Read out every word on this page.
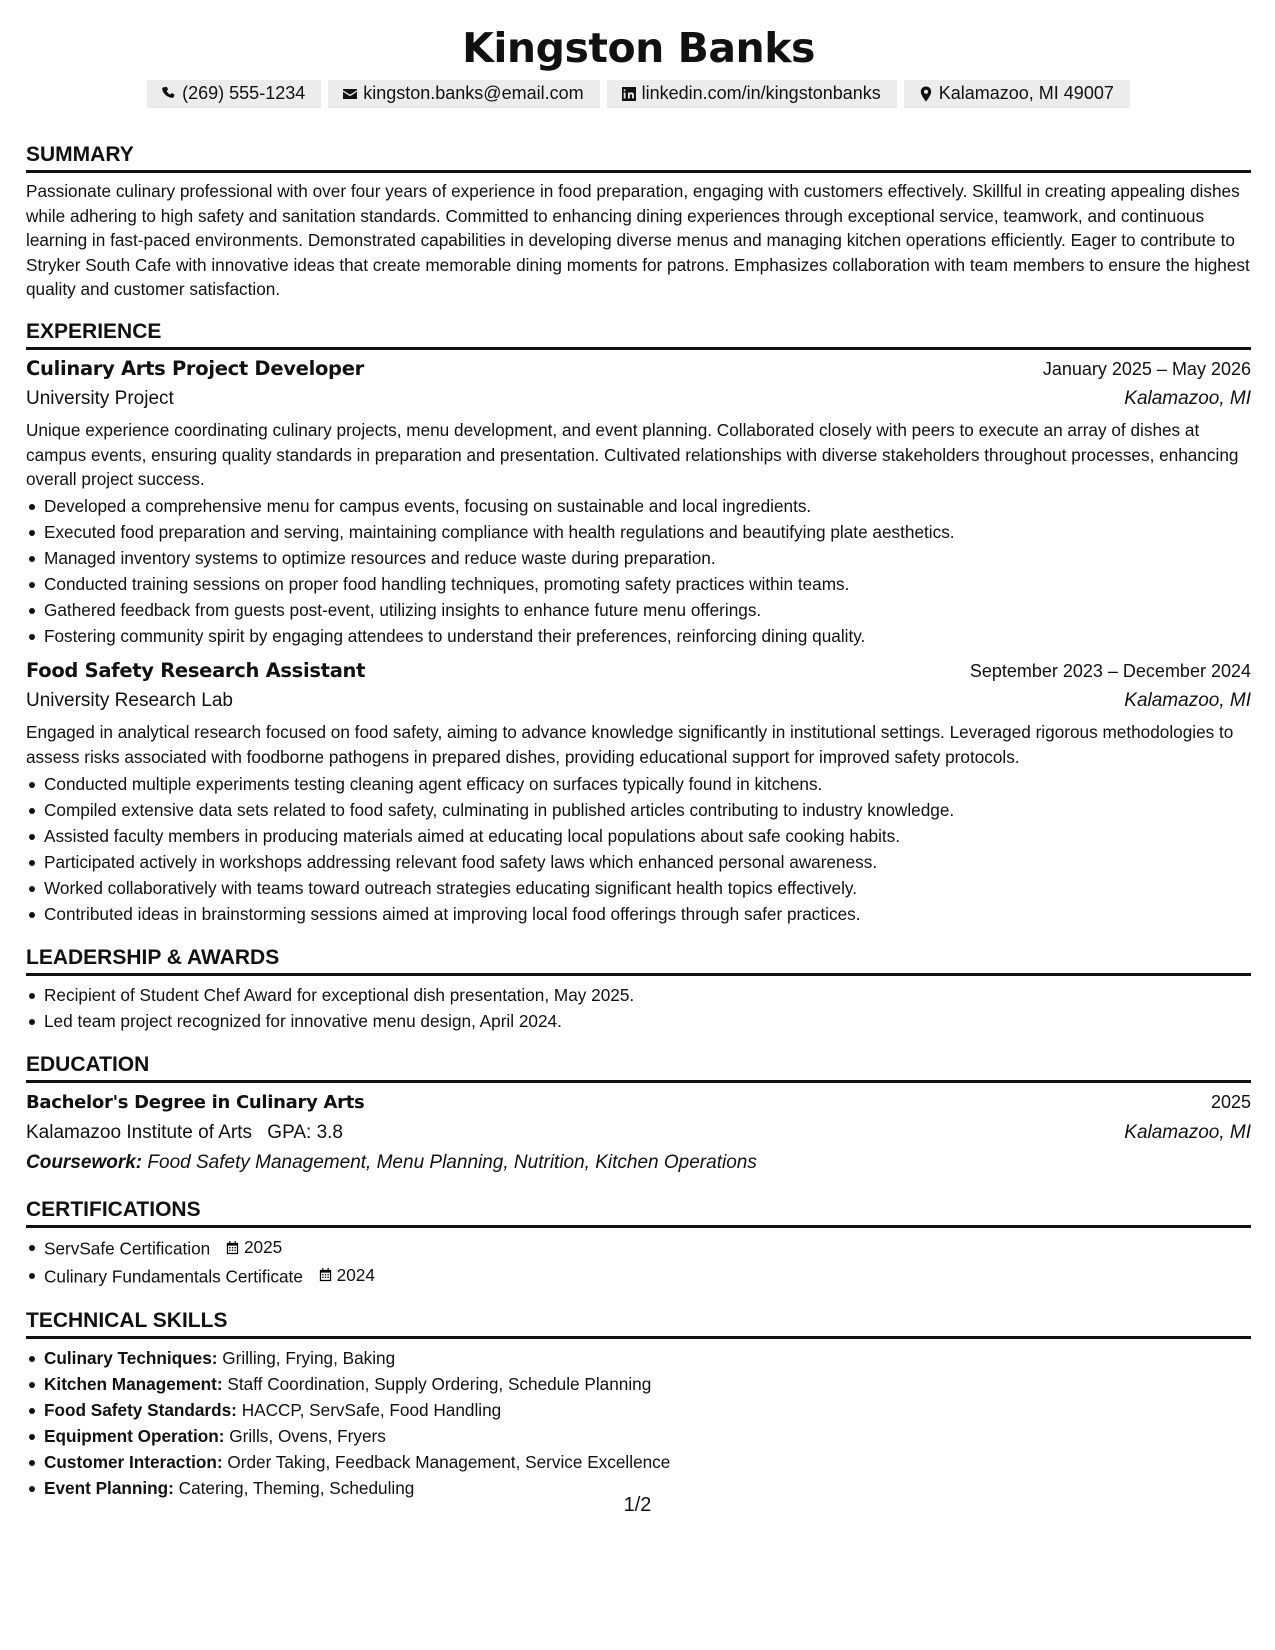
Kingston Banks
(269) 555-1234	kingston.banks@email.com	linkedin.com/in/kingstonbanks	Kalamazoo, MI 49007
SUMMARY

Passionate culinary professional with over four years of experience in food preparation, engaging with customers effectively. Skillful in creating appealing dishes while adhering to high safety and sanitation standards. Committed to enhancing dining experiences through exceptional service, teamwork, and continuous learning in fast-paced environments. Demonstrated capabilities in developing diverse menus and managing kitchen operations efficiently. Eager to contribute to Stryker South Cafe with innovative ideas that create memorable dining moments for patrons. Emphasizes collaboration with team members to ensure the highest quality and customer satisfaction.

EXPERIENCE
Culinary Arts Project Developer	January 2025 – May 2026
University Project	Kalamazoo, MI

Unique experience coordinating culinary projects, menu development, and event planning. Collaborated closely with peers to execute an array of dishes at campus events, ensuring quality standards in preparation and presentation. Cultivated relationships with diverse stakeholders throughout processes, enhancing overall project success.

Developed a comprehensive menu for campus events, focusing on sustainable and local ingredients.
Executed food preparation and serving, maintaining compliance with health regulations and beautifying plate aesthetics.
Managed inventory systems to optimize resources and reduce waste during preparation.
Conducted training sessions on proper food handling techniques, promoting safety practices within teams.
Gathered feedback from guests post-event, utilizing insights to enhance future menu offerings.
Fostering community spirit by engaging attendees to understand their preferences, reinforcing dining quality.
Food Safety Research Assistant	September 2023 – December 2024
University Research Lab	Kalamazoo, MI

Engaged in analytical research focused on food safety, aiming to advance knowledge significantly in institutional settings. Leveraged rigorous methodologies to assess risks associated with foodborne pathogens in prepared dishes, providing educational support for improved safety protocols.

Conducted multiple experiments testing cleaning agent efficacy on surfaces typically found in kitchens.
Compiled extensive data sets related to food safety, culminating in published articles contributing to industry knowledge.
Assisted faculty members in producing materials aimed at educating local populations about safe cooking habits.
Participated actively in workshops addressing relevant food safety laws which enhanced personal awareness.
Worked collaboratively with teams toward outreach strategies educating significant health topics effectively.
Contributed ideas in brainstorming sessions aimed at improving local food offerings through safer practices.
LEADERSHIP & AWARDS
Recipient of Student Chef Award for exceptional dish presentation, May 2025.
Led team project recognized for innovative menu design, April 2024.
EDUCATION
Bachelor's Degree in Culinary Arts	2025
Kalamazoo Institute of Arts GPA: 3.8	Kalamazoo, MI
Coursework: Food Safety Management, Menu Planning, Nutrition, Kitchen Operations
CERTIFICATIONS
ServSafe Certification 2025
Culinary Fundamentals Certificate 2024
TECHNICAL SKILLS
Culinary Techniques: Grilling, Frying, Baking
Kitchen Management: Staff Coordination, Supply Ordering, Schedule Planning
Food Safety Standards: HACCP, ServSafe, Food Handling
Equipment Operation: Grills, Ovens, Fryers
Customer Interaction: Order Taking, Feedback Management, Service Excellence
Event Planning: Catering, Theming, Scheduling
1/2
